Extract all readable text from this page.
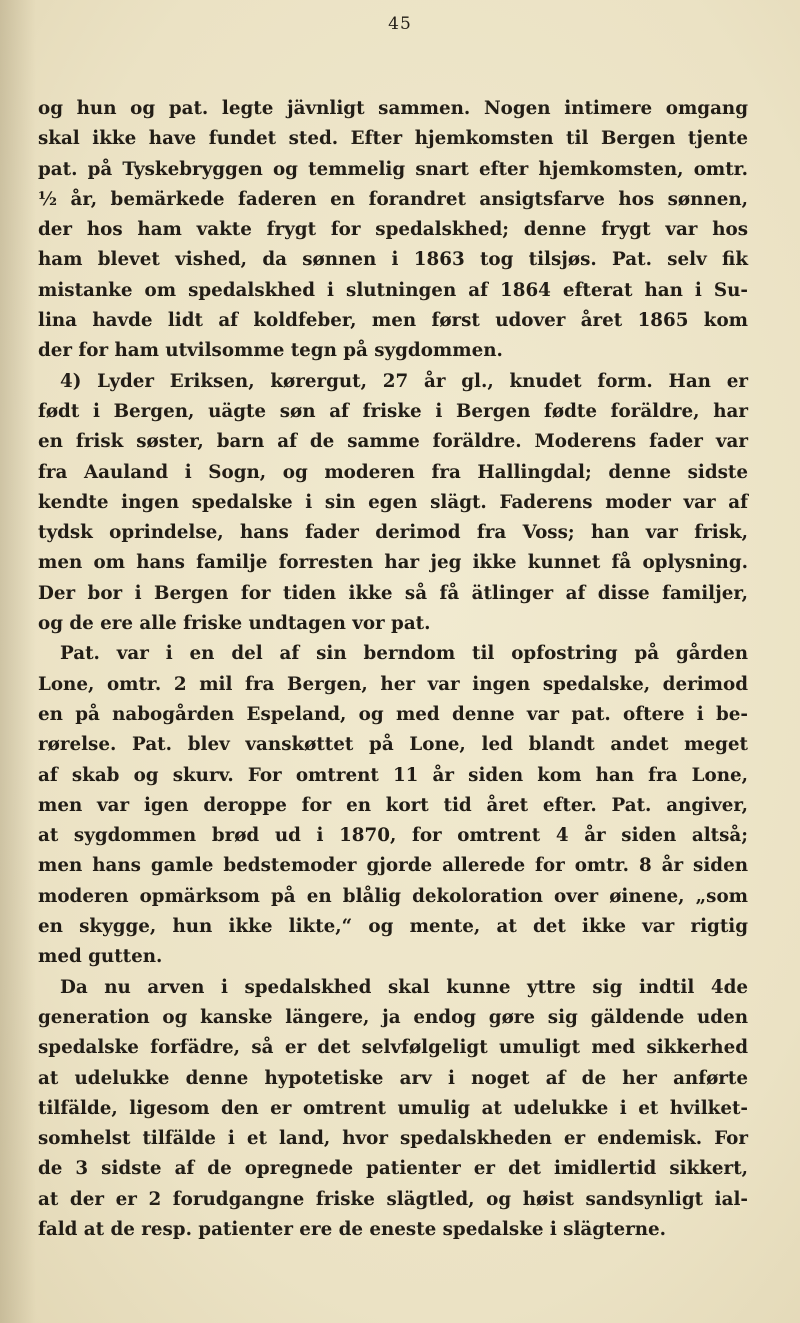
45
og hun og pat. legte jävnligt sammen. Nogen intimere omgang
skal ikke have fundet sted. Efter hjemkomsten til Bergen tjente
pat. på Tyskebryggen og temmelig snart efter hjemkomsten, omtr.
½ år, bemärkede faderen en forandret ansigtsfarve hos sønnen,
der hos ham vakte frygt for spedalskhed; denne frygt var hos
ham blevet vished, da sønnen i 1863 tog tilsjøs. Pat. selv fik
mistanke om spedalskhed i slutningen af 1864 efterat han i Su-
lina havde lidt af koldfeber, men først udover året 1865 kom
der for ham utvilsomme tegn på sygdommen.
4) Lyder Eriksen, kørergut, 27 år gl., knudet form. Han er
født i Bergen, uägte søn af friske i Bergen fødte foräldre, har
en frisk søster, barn af de samme foräldre. Moderens fader var
fra Aauland i Sogn, og moderen fra Hallingdal; denne sidste
kendte ingen spedalske i sin egen slägt. Faderens moder var af
tydsk oprindelse, hans fader derimod fra Voss; han var frisk,
men om hans familje forresten har jeg ikke kunnet få oplysning.
Der bor i Bergen for tiden ikke så få ätlinger af disse familjer,
og de ere alle friske undtagen vor pat.
Pat. var i en del af sin berndom til opfostring på gården
Lone, omtr. 2 mil fra Bergen, her var ingen spedalske, derimod
en på nabogården Espeland, og med denne var pat. oftere i be-
rørelse. Pat. blev vanskøttet på Lone, led blandt andet meget
af skab og skurv. For omtrent 11 år siden kom han fra Lone,
men var igen deroppe for en kort tid året efter. Pat. angiver,
at sygdommen brød ud i 1870, for omtrent 4 år siden altså;
men hans gamle bedstemoder gjorde allerede for omtr. 8 år siden
moderen opmärksom på en blålig dekoloration over øinene, „som
en skygge, hun ikke likte,“ og mente, at det ikke var rigtig
med gutten.
Da nu arven i spedalskhed skal kunne yttre sig indtil 4de
generation og kanske längere, ja endog gøre sig gäldende uden
spedalske forfädre, så er det selvfølgeligt umuligt med sikkerhed
at udelukke denne hypotetiske arv i noget af de her anførte
tilfälde, ligesom den er omtrent umulig at udelukke i et hvilket-
somhelst tilfälde i et land, hvor spedalskheden er endemisk. For
de 3 sidste af de opregnede patienter er det imidlertid sikkert,
at der er 2 forudgangne friske slägtled, og høist sandsynligt ial-
fald at de resp. patienter ere de eneste spedalske i slägterne.
